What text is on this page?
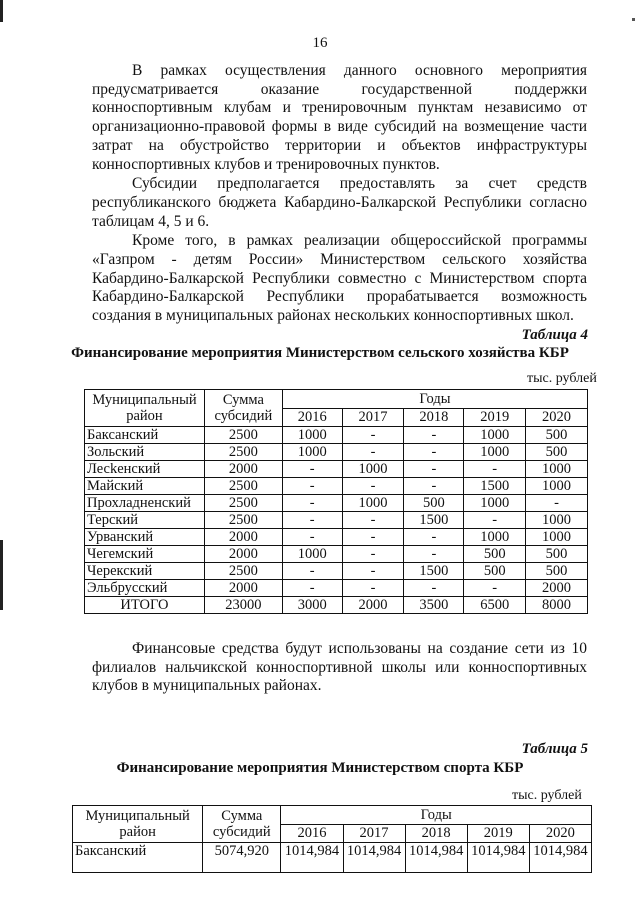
16

В рамках осуществления данного основного мероприятия предусматривается оказание государственной поддержки конноспортивным клубам и тренировочным пунктам независимо от организационно-правовой формы в виде субсидий на возмещение части затрат на обустройство территории и объектов инфраструктуры конноспортивных клубов и тренировочных пунктов.

Субсидии предполагается предоставлять за счет средств республиканского бюджета Кабардино-Балкарской Республики согласно таблицам 4, 5 и 6.

Кроме того, в рамках реализации общероссийской программы «Газпром - детям России» Министерством сельского хозяйства Кабардино-Балкарской Республики совместно с Министерством спорта Кабардино-Балкарской Республики прорабатывается возможность создания в муниципальных районах нескольких конноспортивных школ.

Таблица 4
Финансирование мероприятия Министерством сельского хозяйства КБР
тыс. рублей
Муниципальный район	Сумма субсидий	Годы				
		2016	2017	2018	2019	2020
Баксанский	2500	1000	-	-	1000	500
Зольский	2500	1000	-	-	1000	500
Лесkенский	2000	-	1000	-	-	1000
Майский	2500	-	-	-	1500	1000
Прохладненский	2500	-	1000	500	1000	-
Терский	2500	-	-	1500	-	1000
Урванский	2000	-	-	-	1000	1000
Чегемский	2000	1000	-	-	500	500
Черекский	2500	-	-	1500	500	500
Эльбрусский	2000	-	-	-	-	2000
ИТОГО	23000	3000	2000	3500	6500	8000

Финансовые средства будут использованы на создание сети из 10 филиалов нальчикской конноспортивной школы или конноспортивных клубов в муниципальных районах.

Таблица 5
Финансирование мероприятия Министерством спорта КБР
тыс. рублей
Муниципальный район	Сумма субсидий	Годы				
		2016	2017	2018	2019	2020
Баксанский	5074,920	1014,984	1014,984	1014,984	1014,984	1014,984
